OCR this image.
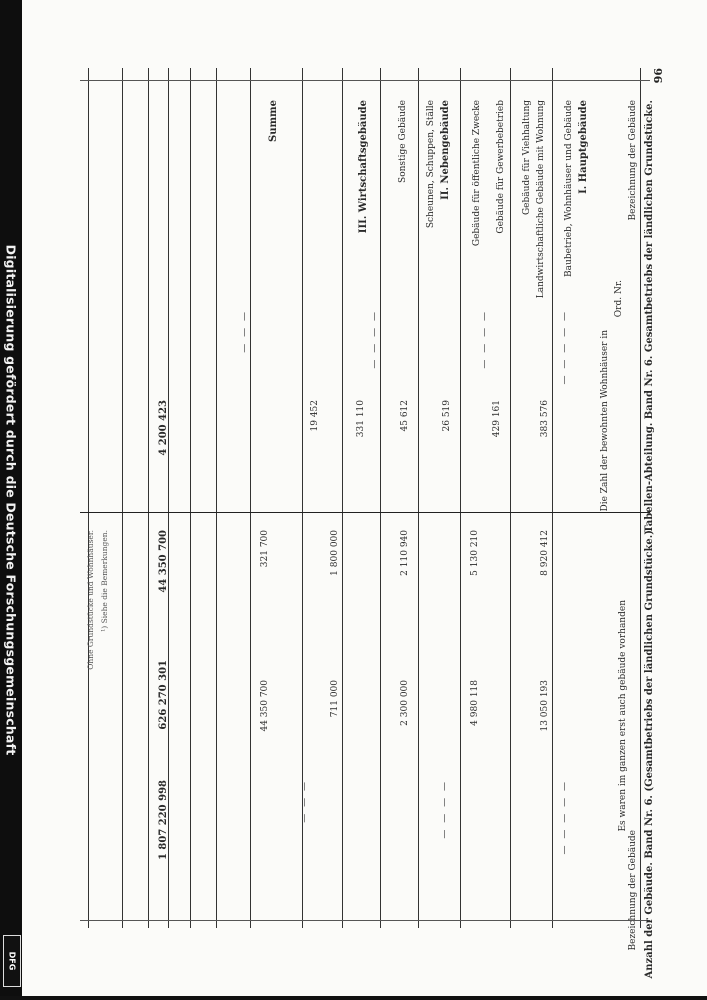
Digitalisierung gefördert durch die Deutsche Forschungsgemeinschaft
DFG
96
Tabellen-Abteilung. Band Nr. 6. Gesamtbetriebs der ländlichen Grundstücke.
Bezeichnung der Gebäude
Ord. Nr.
Die Zahl der bewohnten Wohnhäuser in
I. Hauptgebäude
Baubetrieb, Wohnhäuser und Gebäude
Landwirtschaftliche Gebäude mit Wohnung
Gebäude für Viehhaltung
Gebäude für Gewerbebetrieb
Gebäude für öffentliche Zwecke
II. Nebengebäude
Scheunen, Schuppen, Ställe
Sonstige Gebäude
III. Wirtschaftsgebäude
Summe
383 576
429 161
26 519
45 612
331 110
19 452
4 200 423
— — — — —
— — — —
— — — —
— — —
Anzahl der Gebäude. Band Nr. 6. (Gesamtbetriebs der ländlichen Grundstücke.)
Es waren im ganzen erst auch gebäude vorhanden
Bezeichnung der Gebäude
8 920 412
5 130 210
2 110 940
1 800 000
321 700
13 050 193
4 980 118
2 300 000
711 000
44 350 700
44 350 700
626 270 301
1 807 220 998	— — — — —
— — — —
— — —
¹) Siehe die Bemerkungen.
Ohne Grundstücke und Wohnhäuser.
